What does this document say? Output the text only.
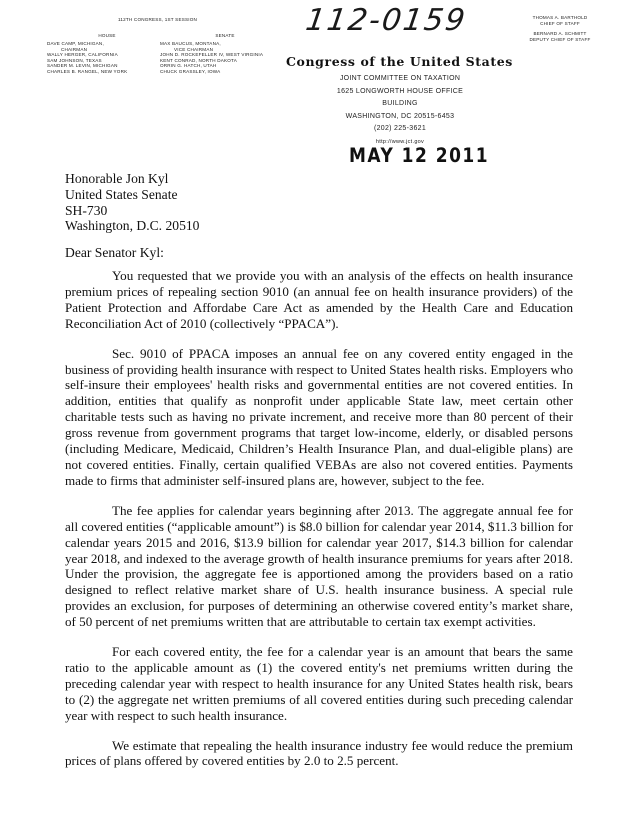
112TH CONGRESS, 1ST SESSION
HOUSE
DAVE CAMP, MICHIGAN,
CHAIRMAN
WALLY HERGER, CALIFORNIA
SAM JOHNSON, TEXAS
SANDER M. LEVIN, MICHIGAN
CHARLES B. RANGEL, NEW YORK
SENATE
MAX BAUCUS, MONTANA,
VICE CHAIRMAN
JOHN D. ROCKEFELLER IV, WEST VIRGINIA
KENT CONRAD, NORTH DAKOTA
ORRIN G. HATCH, UTAH
CHUCK GRASSLEY, IOWA
112-0159
Congress of the United States
JOINT COMMITTEE ON TAXATION
1625 LONGWORTH HOUSE OFFICE BUILDING
WASHINGTON, DC 20515-6453
(202) 225-3621
http://www.jct.gov
THOMAS A. BARTHOLD
CHIEF OF STAFF
BERNARD A. SCHMITT
DEPUTY CHIEF OF STAFF
MAY 12 2011
Honorable Jon Kyl
United States Senate
SH-730
Washington, D.C. 20510
Dear Senator Kyl:

You requested that we provide you with an analysis of the effects on health insurance premium prices of repealing section 9010 (an annual fee on health insurance providers) of the Patient Protection and Affordabe Care Act as amended by the Health Care and Education Reconciliation Act of 2010 (collectively “PPACA”).

Sec. 9010 of PPACA imposes an annual fee on any covered entity engaged in the business of providing health insurance with respect to United States health risks. Employers who self-insure their employees' health risks and governmental entities are not covered entities. In addition, entities that qualify as nonprofit under applicable State law, meet certain other charitable tests such as having no private increment, and receive more than 80 percent of their gross revenue from government programs that target low-income, elderly, or disabled persons (including Medicare, Medicaid, Children’s Health Insurance Plan, and dual-eligible plans) are not covered entities. Finally, certain qualified VEBAs are also not covered entities. Payments made to firms that administer self-insured plans are, however, subject to the fee.

The fee applies for calendar years beginning after 2013. The aggregate annual fee for all covered entities (“applicable amount”) is $8.0 billion for calendar year 2014, $11.3 billion for calendar years 2015 and 2016, $13.9 billion for calendar year 2017, $14.3 billion for calendar year 2018, and indexed to the average growth of health insurance premiums for years after 2018. Under the provision, the aggregate fee is apportioned among the providers based on a ratio designed to reflect relative market share of U.S. health insurance business. A special rule provides an exclusion, for purposes of determining an otherwise covered entity’s market share, of 50 percent of net premiums written that are attributable to certain tax exempt activities.

For each covered entity, the fee for a calendar year is an amount that bears the same ratio to the applicable amount as (1) the covered entity's net premiums written during the preceding calendar year with respect to health insurance for any United States health risk, bears to (2) the aggregate net written premiums of all covered entities during such preceding calendar year with respect to such health insurance.

We estimate that repealing the health insurance industry fee would reduce the premium prices of plans offered by covered entities by 2.0 to 2.5 percent.
